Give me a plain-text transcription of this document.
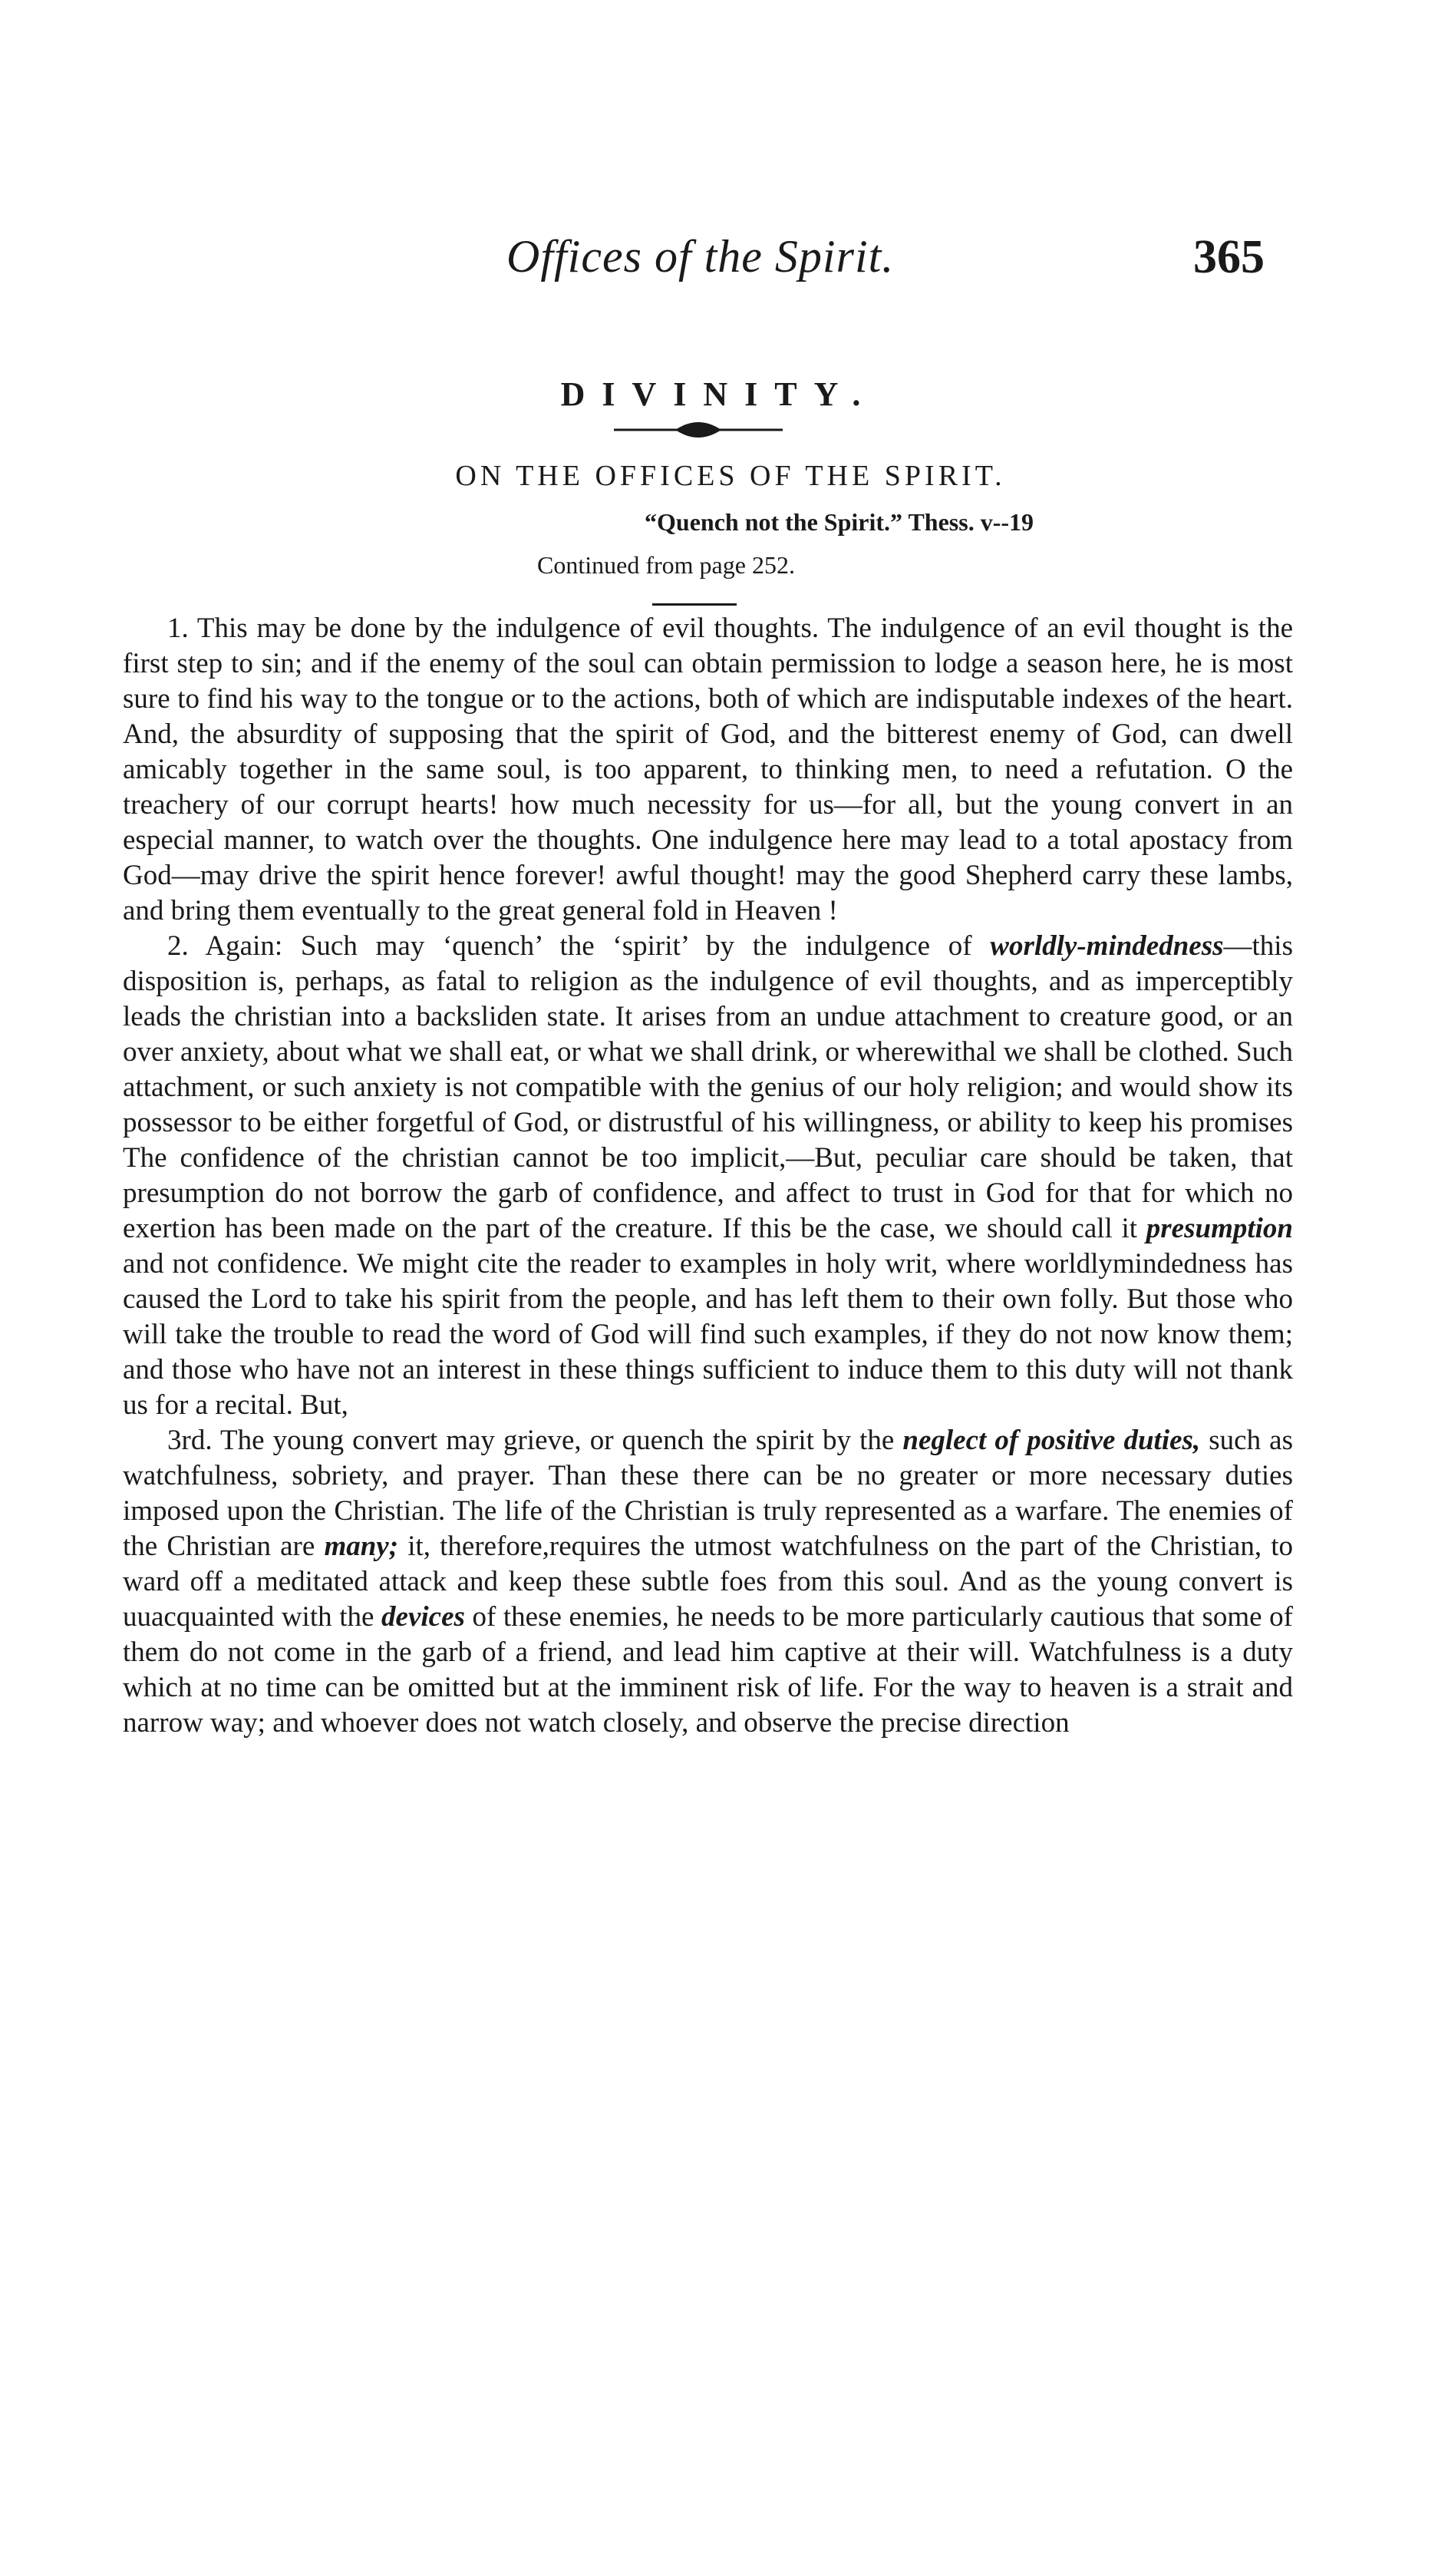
Offices of the Spirit.	365
DIVINITY.
ON THE OFFICES OF THE SPIRIT.
“Quench not the Spirit.” Thess. v--19
Continued from page 252.

1. This may be done by the indulgence of evil thoughts. The indulgence of an evil thought is the first step to sin; and if the enemy of the soul can obtain permission to lodge a season here, he is most sure to find his way to the tongue or to the actions, both of which are indisputable indexes of the heart. And, the absurdity of supposing that the spirit of God, and the bitterest enemy of God, can dwell amicably together in the same soul, is too apparent, to thinking men, to need a refutation. O the treachery of our corrupt hearts! how much necessity for us—for all, but the young convert in an especial manner, to watch over the thoughts. One indulgence here may lead to a total apostacy from God—may drive the spirit hence forever! awful thought! may the good Shepherd carry these lambs, and bring them eventually to the great general fold in Heaven !

2. Again: Such may ‘quench’ the ‘spirit’ by the indulgence of worldly-mindedness—this disposition is, perhaps, as fatal to religion as the indulgence of evil thoughts, and as imperceptibly leads the christian into a backsliden state. It arises from an undue attachment to creature good, or an over anxiety, about what we shall eat, or what we shall drink, or wherewithal we shall be clothed. Such attachment, or such anxiety is not compatible with the genius of our holy religion; and would show its possessor to be either forgetful of God, or distrustful of his willingness, or ability to keep his promises The confidence of the christian cannot be too implicit,—But, peculiar care should be taken, that presumption do not borrow the garb of confidence, and affect to trust in God for that for which no exertion has been made on the part of the creature. If this be the case, we should call it presumption and not confidence. We might cite the reader to examples in holy writ, where worldlymindedness has caused the Lord to take his spirit from the people, and has left them to their own folly. But those who will take the trouble to read the word of God will find such examples, if they do not now know them; and those who have not an interest in these things sufficient to induce them to this duty will not thank us for a recital. But,

3rd. The young convert may grieve, or quench the spirit by the neglect of positive duties, such as watchfulness, sobriety, and prayer. Than these there can be no greater or more necessary duties imposed upon the Christian. The life of the Christian is truly represented as a warfare. The enemies of the Christian are many; it, therefore,requires the utmost watchfulness on the part of the Christian, to ward off a meditated attack and keep these subtle foes from this soul. And as the young convert is uuacquainted with the devices of these enemies, he needs to be more particularly cautious that some of them do not come in the garb of a friend, and lead him captive at their will. Watchfulness is a duty which at no time can be omitted but at the imminent risk of life. For the way to heaven is a strait and narrow way; and whoever does not watch closely, and observe the precise direction
